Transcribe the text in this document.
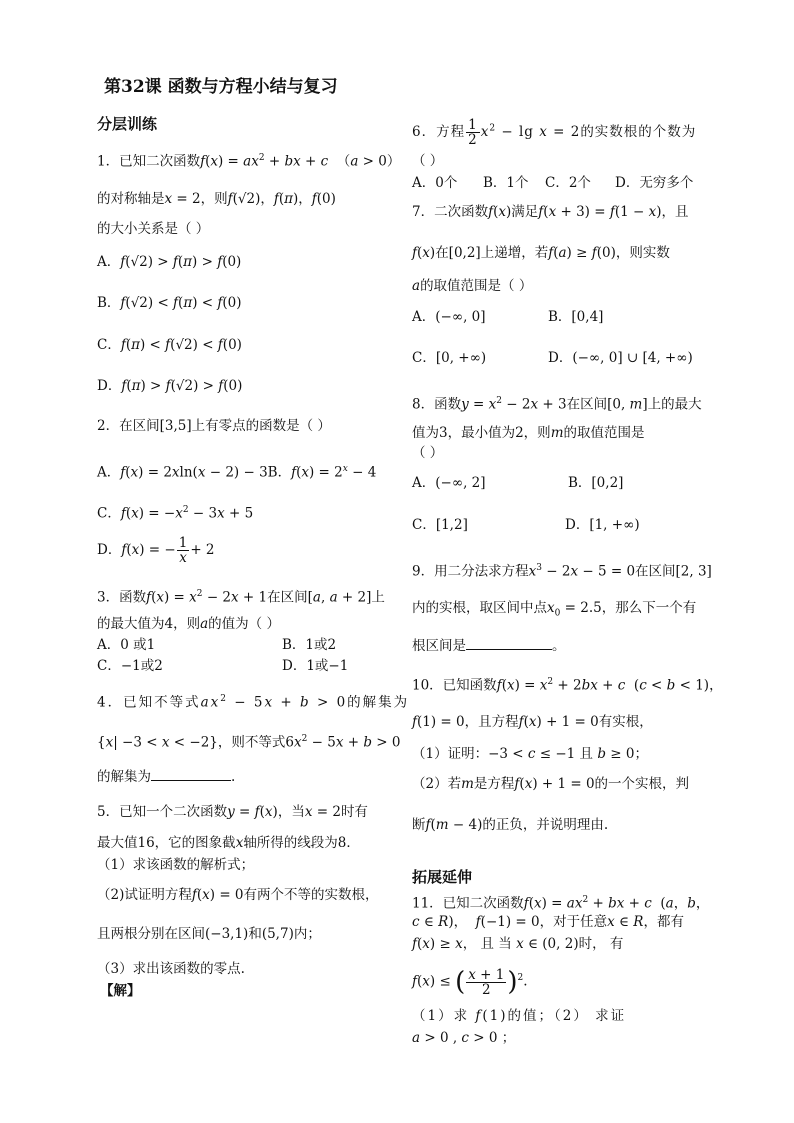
第32课 函数与方程小结与复习
分层训练
1．已知二次函数$f(x) = ax^2$ + bx + c  （a > 0）
的对称轴是x = 2，则f(√2)，f(π)，f(0)
的大小关系是（ ）
A．f(√2) > f(π) > f(0)
B．f(√2) < f(π) < f(0)
C．f(π) < f(√2) < f(0)
D．f(π) > f(√2) > f(0)
2．在区间[3,5]上有零点的函数是（ ）
A．f(x) = 2xln(x − 2) − 3B．$f(x) = 2^x - 4$
C．$f(x) = -x^2 - 3x + 5$
D．f(x) = − $\frac{1}{x} + 2$
3．函数$f(x) = x^2 - 2x + 1$在区间[a, a + 2]上
的最大值为4，则a的值为（ ）
A．0 或1	B．1或2
C．−1或2	D．1或−1
4．已知不等式$ax^2 - 5x + b > 0$的解集为
{x| −3 < x < −2}，则不等式$6x^2 - 5x + b > 0$
的解集为	.
5．已知一个二次函数y = f(x)，当x = 2时有
最大值16，它的图象截x轴所得的线段为8．
（1）求该函数的解析式；
（2)试证明方程f(x) = 0有两个不等的实数根，
且两根分别在区间(−3,1)和(5,7)内；
（3）求出该函数的零点.
【解】
6．方程 $\frac{1}{2} x^2 - \lg x = 2$的实数根的个数为
（ ）
A．0个 B．1个 C．2个 D．无穷多个
7．二次函数f(x)满足f(x + 3) = f(1 − x)，且
f(x)在[0,2]上递增，若f(a) ≥ f(0)，则实数
a的取值范围是（ ）
A．(−∞, 0]	B．[0,4]
C．[0, +∞)	D．(−∞, 0] ∪ [4, +∞)
8．函数$y = x^2 - 2x + 3$在区间[0, m]上的最大
值为3，最小值为2，则m的取值范围是
（ ）
A．(−∞, 2]	B．[0,2]
C．[1,2]	D．[1, +∞)
9．用二分法求方程$x^3 - 2x - 5 = 0$在区间[2, 3]
内的实根，取区间中点$x_0 = 2.5$，那么下一个有
根区间是	。
10．已知函数$f(x) = x^2 + 2bx + c$  (c < b < 1)，
f(1) = 0，且方程f(x) + 1 = 0有实根，
（1）证明：−3 < c ≤ −1 且 b ≥ 0；
（2）若m是方程f(x) + 1 = 0的一个实根，判
断f(m − 4)的正负，并说明理由.
拓展延伸
11．已知二次函数$f(x) = ax^2$ + bx + c  (a，b，
c ∈ R)，  f(−1) = 0，对于任意x ∈ R，都有
f(x) ≥ x， 且 当 x ∈ (0, 2)时， 有
f(x) ≤ ( $\frac{x + 1}{2} )^2$.
（1）求 f(1)的值；（2） 求证
a > 0 , c > 0 ；
